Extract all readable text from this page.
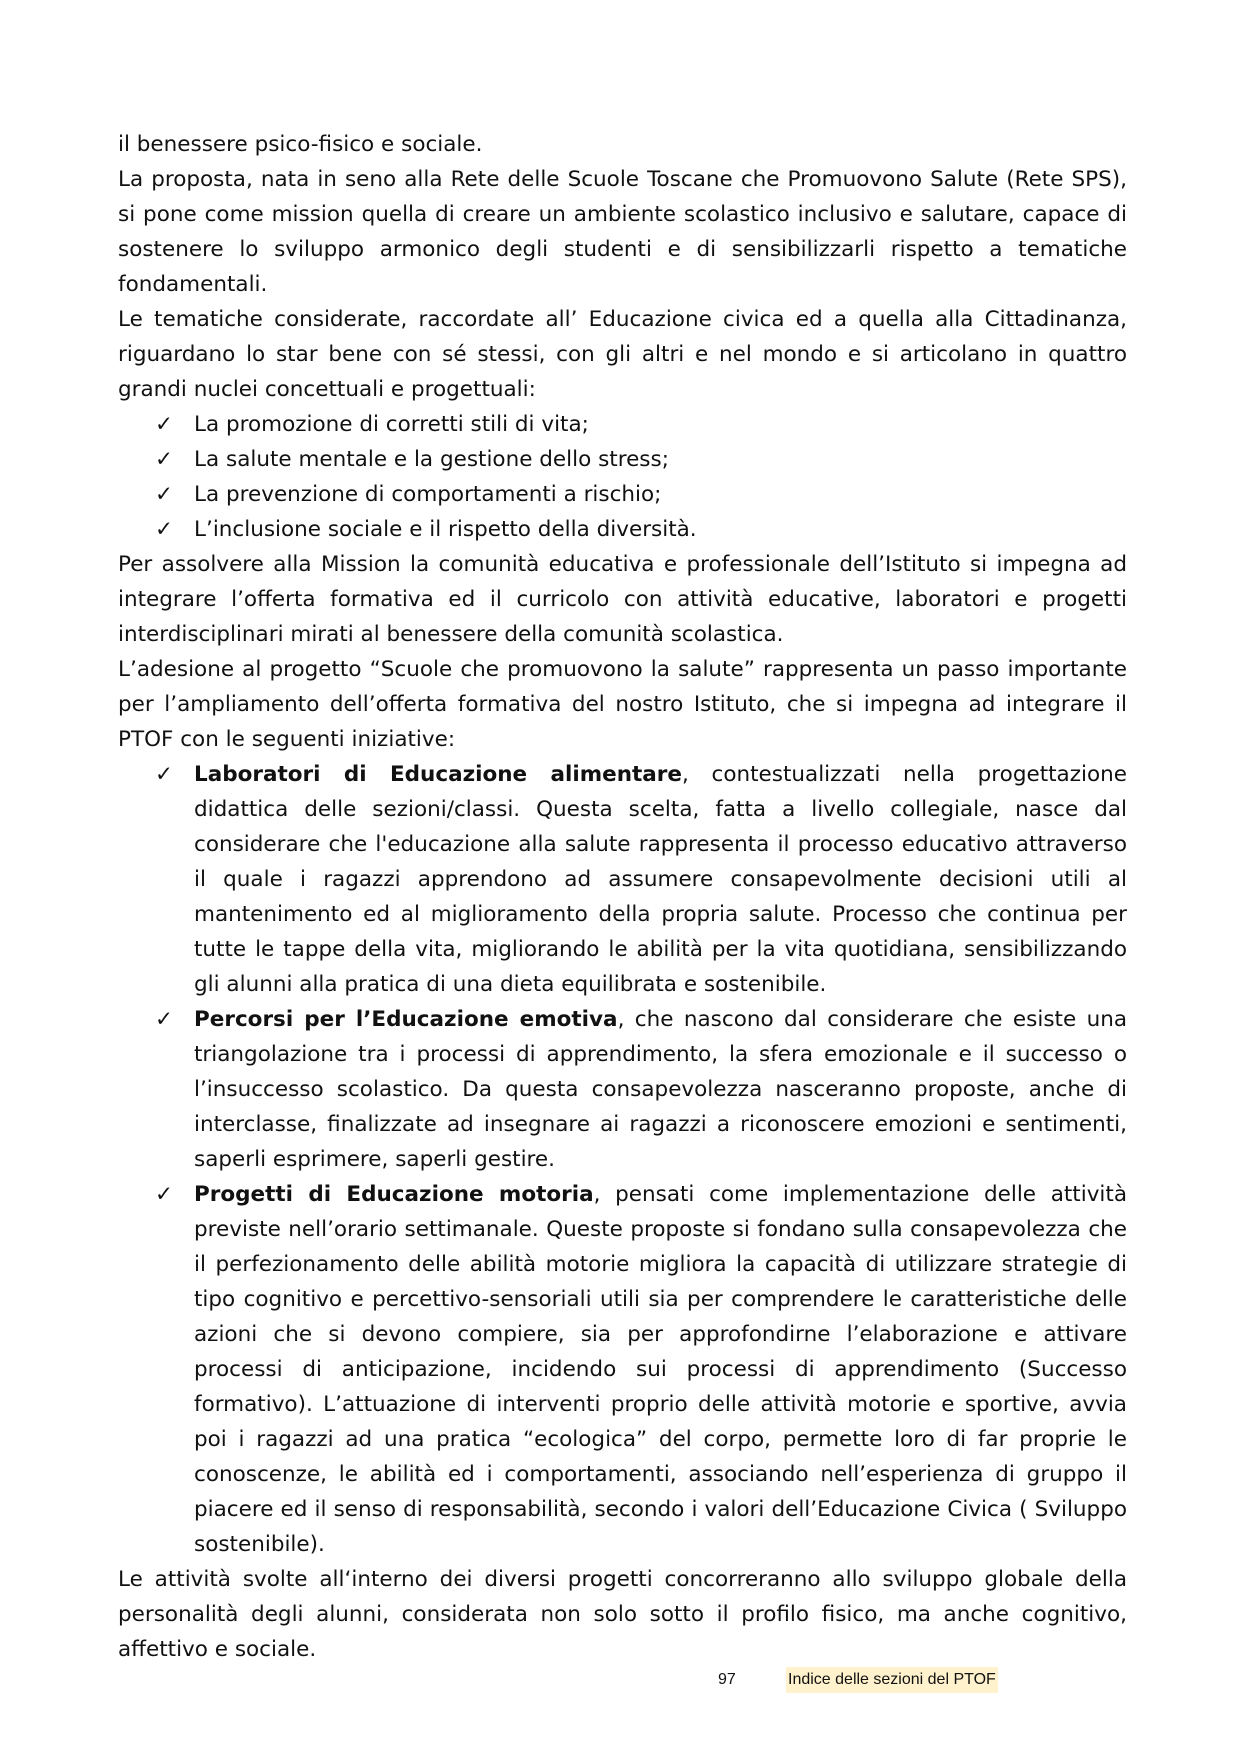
il benessere psico-fisico e sociale.

La proposta, nata in seno alla Rete delle Scuole Toscane che Promuovono Salute (Rete SPS), si pone come mission quella di creare un ambiente scolastico inclusivo e salutare, capace di sostenere lo sviluppo armonico degli studenti e di sensibilizzarli rispetto a tematiche fondamentali.

Le tematiche considerate, raccordate all’ Educazione civica ed a quella alla Cittadinanza, riguardano lo star bene con sé stessi, con gli altri e nel mondo e si articolano in quattro grandi nuclei concettuali e progettuali:

✓ La promozione di corretti stili di vita;
✓ La salute mentale e la gestione dello stress;
✓ La prevenzione di comportamenti a rischio;
✓ L’inclusione sociale e il rispetto della diversità.

Per assolvere alla Mission la comunità educativa e professionale dell’Istituto si impegna ad integrare l’offerta formativa ed il curricolo con attività educative, laboratori e progetti interdisciplinari mirati al benessere della comunità scolastica.

L’adesione al progetto “Scuole che promuovono la salute” rappresenta un passo importante per l’ampliamento dell’offerta formativa del nostro Istituto, che si impegna ad integrare il PTOF con le seguenti iniziative:

✓ Laboratori di Educazione alimentare, contestualizzati nella progettazione didattica delle sezioni/classi. Questa scelta, fatta a livello collegiale, nasce dal considerare che l'educazione alla salute rappresenta il processo educativo attraverso il quale i ragazzi apprendono ad assumere consapevolmente decisioni utili al mantenimento ed al miglioramento della propria salute. Processo che continua per tutte le tappe della vita, migliorando le abilità per la vita quotidiana, sensibilizzando gli alunni alla pratica di una dieta equilibrata e sostenibile.
✓ Percorsi per l’Educazione emotiva, che nascono dal considerare che esiste una triangolazione tra i processi di apprendimento, la sfera emozionale e il successo o l’insuccesso scolastico. Da questa consapevolezza nasceranno proposte, anche di interclasse, finalizzate ad insegnare ai ragazzi a riconoscere emozioni e sentimenti, saperli esprimere, saperli gestire.
✓ Progetti di Educazione motoria, pensati come implementazione delle attività previste nell’orario settimanale. Queste proposte si fondano sulla consapevolezza che il perfezionamento delle abilità motorie migliora la capacità di utilizzare strategie di tipo cognitivo e percettivo-sensoriali utili sia per comprendere le caratteristiche delle azioni che si devono compiere, sia per approfondirne l’elaborazione e attivare processi di anticipazione, incidendo sui processi di apprendimento (Successo formativo). L’attuazione di interventi proprio delle attività motorie e sportive, avvia poi i ragazzi ad una pratica “ecologica” del corpo, permette loro di far proprie le conoscenze, le abilità ed i comportamenti, associando nell’esperienza di gruppo il piacere ed il senso di responsabilità, secondo i valori dell’Educazione Civica ( Sviluppo sostenibile).

Le attività svolte all‘interno dei diversi progetti concorreranno allo sviluppo globale della personalità degli alunni, considerata non solo sotto il profilo fisico, ma anche cognitivo, affettivo e sociale.

97	Indice delle sezioni del PTOF
